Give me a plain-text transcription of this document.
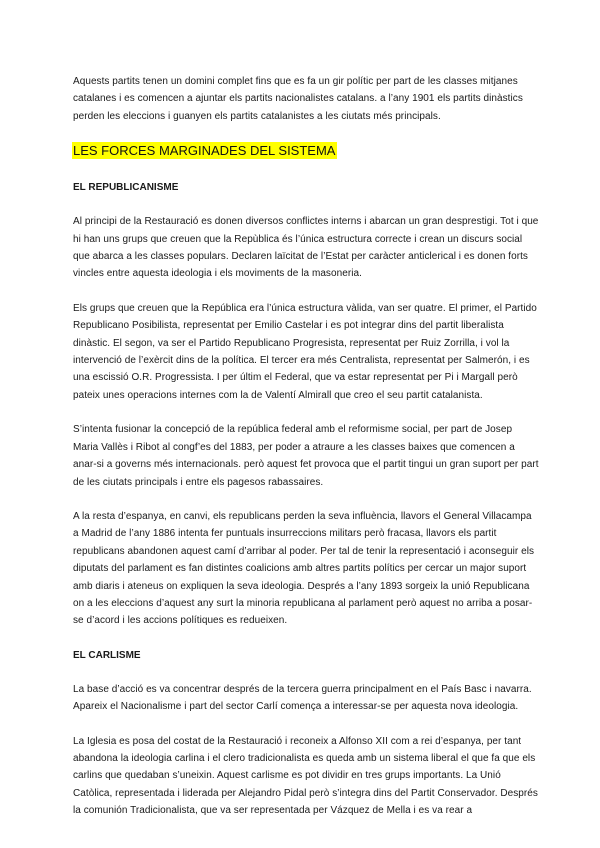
Aquests partits tenen un domini complet fins que es fa un gir polític per part de les classes mitjanes catalanes i es comencen a ajuntar els partits nacionalistes catalans. a l’any 1901 els partits dinàstics perden les eleccions i guanyen els partits catalanistes a les ciutats més principals.

LES FORCES MARGINADES DEL SISTEMA
EL REPUBLICANISME

Al principi de la Restauració es donen diversos conflictes interns i abarcan un gran desprestigi. Tot i que hi han uns grups que creuen que la Repùblica és l’única estructura correcte i crean un discurs social que abarca a les classes populars. Declaren laïcitat de l’Estat per caràcter anticlerical i es donen forts vincles entre aquesta ideologia i els moviments de la masoneria.

Els grups que creuen que la República era l’única estructura vàlida, van ser quatre. El primer, el Partido Republicano Posibilista, representat per Emilio Castelar i es pot integrar dins del partit liberalista dinàstic. El segon, va ser el Partido Republicano Progresista, representat per Ruiz Zorrilla, i vol la intervenció de l’exèrcit dins de la política. El tercer era més Centralista, representat per Salmerón, i es una escissió O.R. Progressista. I per últim el Federal, que va estar representat per Pi i Margall però pateix unes operacions internes com la de Valentí Almirall que creo el seu partit catalanista.

S’intenta fusionar la concepció de la república federal amb el reformisme social, per part de Josep Maria Vallès i Ribot al congf’es del 1883, per poder a atraure a les classes baixes que comencen a anar-si a governs més internacionals. però aquest fet provoca que el partit tingui un gran suport per part de les ciutats principals i entre els pagesos rabassaires.

A la resta d’espanya, en canvi, els republicans perden la seva influència, llavors el General Villacampa a Madrid de l’any 1886 intenta fer puntuals insurreccions militars però fracasa, llavors els partit republicans abandonen aquest camí d’arribar al poder. Per tal de tenir la representació i aconseguir els diputats del parlament es fan distintes coalicions amb altres partits polítics per cercar un major suport amb diaris i ateneus on expliquen la seva ideologia. Després a l’any 1893 sorgeix la unió Republicana on a les eleccions d’aquest any surt la minoria republicana al parlament però aquest no arriba a posar- se d’acord i les accions polítiques es redueixen.

EL CARLISME

La base d’acció es va concentrar després de la tercera guerra principalment en el País Basc i navarra. Apareix el Nacionalisme i part del sector Carlí comença a interessar-se per aquesta nova ideologia.

La Iglesia es posa del costat de la Restauració i reconeix a Alfonso XII com a rei d’espanya, per tant abandona la ideologia carlina i el clero tradicionalista es queda amb un sistema liberal el que fa que els carlins que quedaban s’uneixin. Aquest carlisme es pot dividir en tres grups importants. La Unió Catòlica, representada i liderada per Alejandro Pidal però s’integra dins del Partit Conservador. Després la comunión Tradicionalista, que va ser representada per Vázquez de Mella i es va rear a
